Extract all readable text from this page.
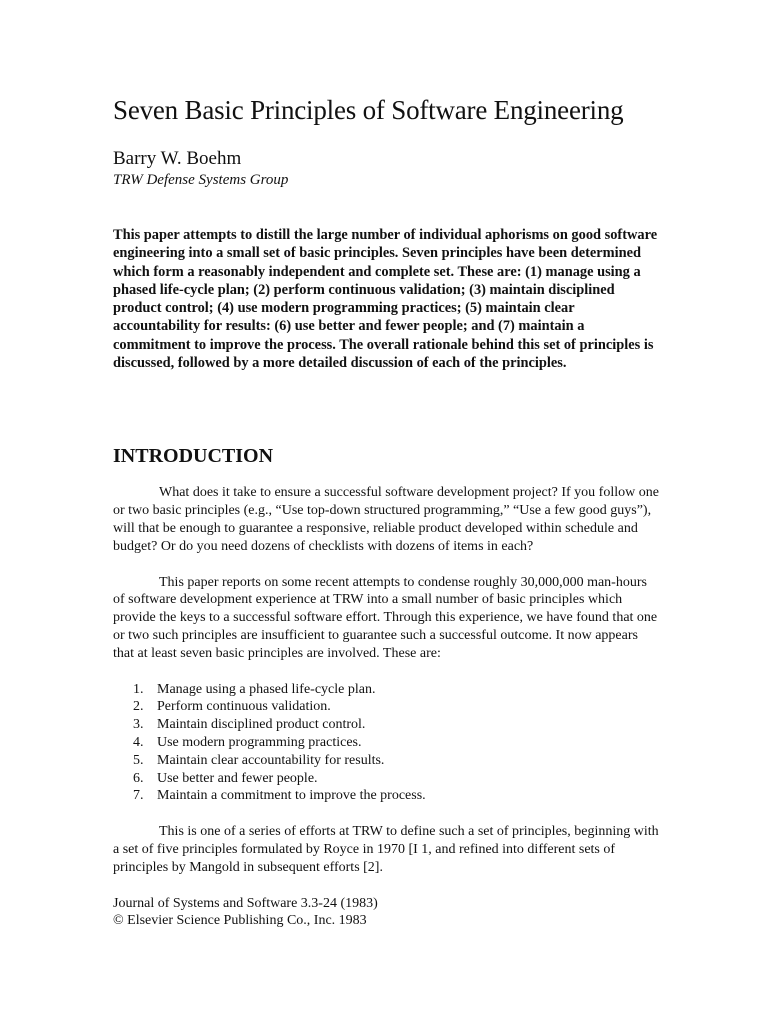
Seven Basic Principles of Software Engineering
Barry W. Boehm
TRW Defense Systems Group
This paper attempts to distill the large number of individual aphorisms on good software engineering into a small set of basic principles. Seven principles have been determined which form a reasonably independent and complete set. These are: (1) manage using a phased life-cycle plan; (2) perform continuous validation; (3) maintain disciplined product control; (4) use modern programming practices; (5) maintain clear accountability for results: (6) use better and fewer people; and (7) maintain a commitment to improve the process. The overall rationale behind this set of principles is discussed, followed by a more detailed discussion of each of the principles.
INTRODUCTION

What does it take to ensure a successful software development project? If you follow one or two basic principles (e.g., “Use top-down structured programming,” “Use a few good guys”), will that be enough to guarantee a responsive, reliable product developed within schedule and budget? Or do you need dozens of checklists with dozens of items in each?

This paper reports on some recent attempts to condense roughly 30,000,000 man-hours of software development experience at TRW into a small number of basic principles which provide the keys to a successful software effort. Through this experience, we have found that one or two such principles are insufficient to guarantee such a successful outcome. It now appears that at least seven basic principles are involved. These are:

1. Manage using a phased life-cycle plan.
2. Perform continuous validation.
3. Maintain disciplined product control.
4. Use modern programming practices.
5. Maintain clear accountability for results.
6. Use better and fewer people.
7. Maintain a commitment to improve the process.

This is one of a series of efforts at TRW to define such a set of principles, beginning with a set of five principles formulated by Royce in 1970 [I 1, and refined into different sets of principles by Mangold in subsequent efforts [2].

Journal of Systems and Software 3.3-24 (1983)
© Elsevier Science Publishing Co., Inc. 1983
